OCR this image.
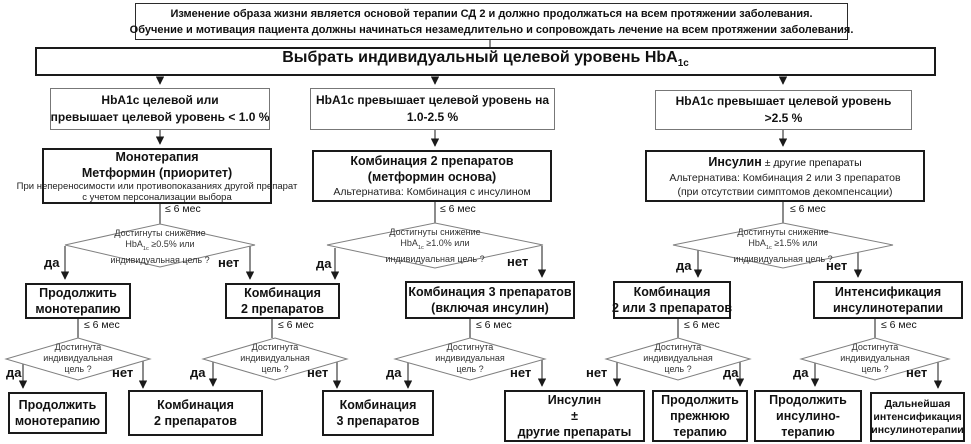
Изменение образа жизни является основой терапии СД 2 и должно продолжаться на всем протяжении заболевания.
Обучение и мотивация пациента должны начинаться незамедлительно и сопровождать лечение на всем протяжении заболевания.
Выбрать индивидуальный целевой уровень HbA$_{1c}$
HbA1c целевой или
превышает целевой уровень < 1.0 %
HbA1c превышает целевой уровень на
1.0-2.5 %
HbA1c превышает целевой уровень
>2.5 %
Монотерапия
Метформин (приоритет)
При непереносимости или противопоказаниях другой препарат
с учетом персонализации выбора
Комбинация 2 препаратов
(метформин основа)
Альтернатива: Комбинация с инсулином
Инсулин ± другие препараты
Альтернатива: Комбинация 2 или 3 препаратов
(при отсутствии симптомов декомпенсации)
≤ 6 мес	≤ 6 мес	≤ 6 мес
≤ 6 мес	≤ 6 мес	≤ 6 мес	≤ 6 мес	≤ 6 мес
Достигнуты снижение
HbA$_{1c}$ ≥0.5% или
индивидуальная цель ?
Достигнуты снижение
HbA$_{1c}$ ≥1.0% или
индивидуальная цель ?
Достигнуты снижение
HbA$_{1c}$ ≥1.5% или
индивидуальная цель ?
да	нет	да	нет	да	нет
Продолжить
монотерапию
Комбинация
2 препаратов
Комбинация 3 препаратов
(включая инсулин)
Комбинация
2 или 3 препаратов
Интенсификация
инсулинотерапии
Достигнута
индивидуальная
цель ?
Достигнута
индивидуальная
цель ?
Достигнута
индивидуальная
цель ?
Достигнута
индивидуальная
цель ?
Достигнута
индивидуальная
цель ?
да	нет	да	нет	да	нет	нет	да	да	нет
Продолжить
монотерапию
Комбинация
2 препаратов
Комбинация
3 препаратов
Инсулин
±
другие препараты
Продолжить
прежнюю
терапию
Продолжить
инсулино-
терапию
Дальнейшая
интенсификация
инсулинотерапии
